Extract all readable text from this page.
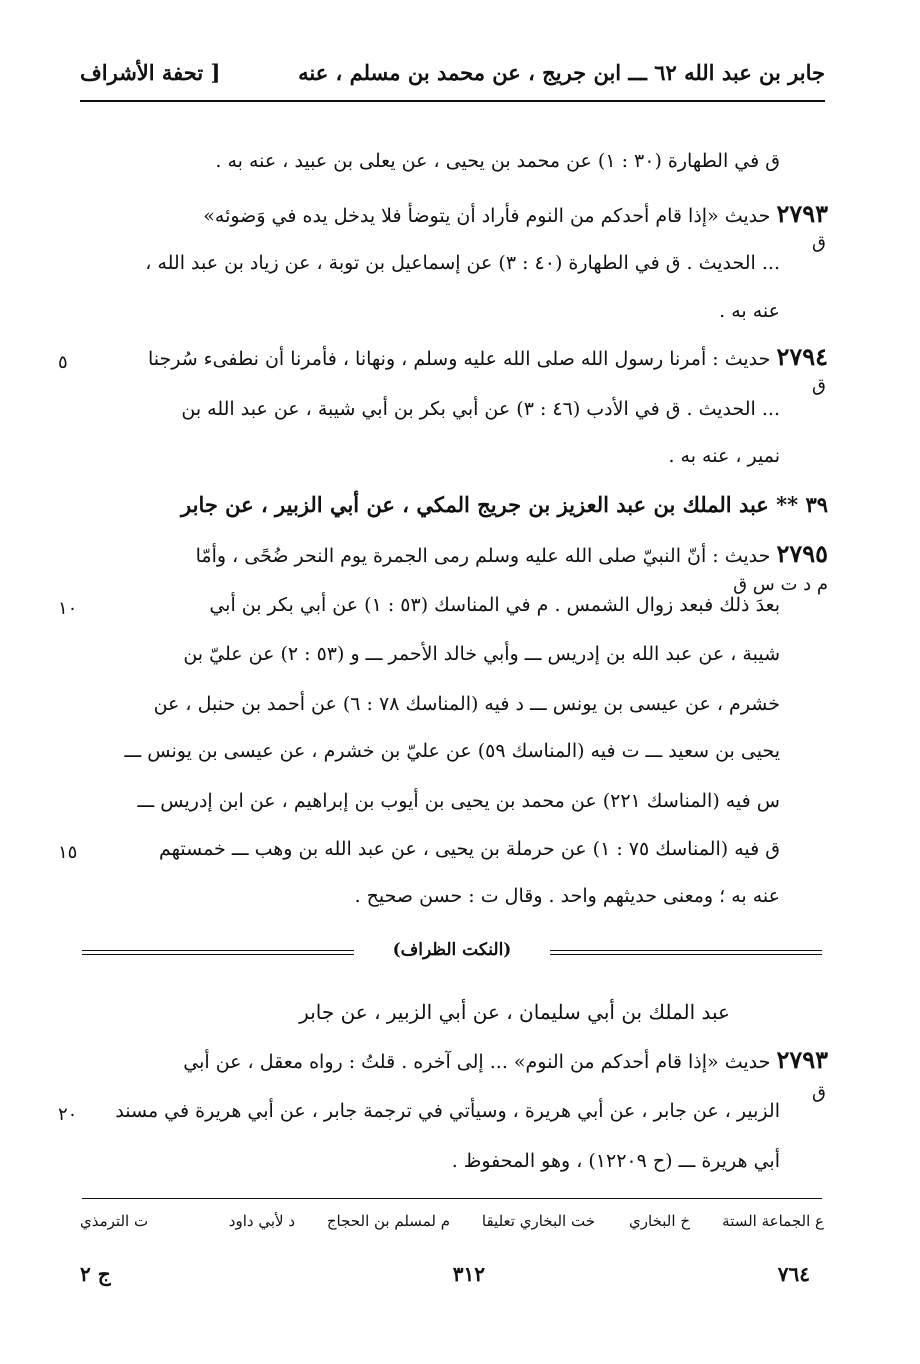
جابر بن عبد الله ٦٢ ـــ ابن جريج ، عن محمد بن مسلم ، عنه
[ تحفة الأشراف
ق في الطهارة (٣٠ : ١) عن محمد بن يحيى ، عن يعلى بن عبيد ، عنه به .
٢٧٩٣ حديث «إذا قام أحدكم من النوم فأراد أن يتوضأ فلا يدخل يده في وَضوئه»
ق
... الحديث . ق في الطهارة (٤٠ : ٣) عن إسماعيل بن توبة ، عن زياد بن عبد الله ،
عنه به .
٢٧٩٤ حديث : أمرنا رسول الله صلى الله عليه وسلم ، ونهانا ، فأمرنا أن نطفىء سُرجنا
٥
ق
... الحديث . ق في الأدب (٤٦ : ٣) عن أبي بكر بن أبي شيبة ، عن عبد الله بن
نمير ، عنه به .
٣٩ ** عبد الملك بن عبد العزيز بن جريج المكي ، عن أبي الزبير ، عن جابر
٢٧٩٥ حديث : أنّ النبيّ صلى الله عليه وسلم رمى الجمرة يوم النحر ضُحًى ، وأمّا
م د ت س ق
بعدَ ذلك فبعد زوال الشمس . م في المناسك (٥٣ : ١) عن أبي بكر بن أبي
١٠
شيبة ، عن عبد الله بن إدريس ـــ وأبي خالد الأحمر ـــ و (٥٣ : ٢) عن عليّ بن
خشرم ، عن عيسى بن يونس ـــ د فيه (المناسك ٧٨ : ٦) عن أحمد بن حنبل ، عن
يحيى بن سعيد ـــ ت فيه (المناسك ٥٩) عن عليّ بن خشرم ، عن عيسى بن يونس ـــ
س فيه (المناسك ٢٢١) عن محمد بن يحيى بن أيوب بن إبراهيم ، عن ابن إدريس ـــ
ق فيه (المناسك ٧٥ : ١) عن حرملة بن يحيى ، عن عبد الله بن وهب ـــ خمستهم
١٥
عنه به ؛ ومعنى حديثهم واحد . وقال ت : حسن صحيح .
(النكت الظراف)
عبد الملك بن أبي سليمان ، عن أبي الزبير ، عن جابر
٢٧٩٣ حديث «إذا قام أحدكم من النوم» ... إلى آخره . قلتُ : رواه معقل ، عن أبي
ق
الزبير ، عن جابر ، عن أبي هريرة ، وسيأتي في ترجمة جابر ، عن أبي هريرة في مسند
٢٠
أبي هريرة ـــ (ح ١٢٢٠٩) ، وهو المحفوظ .
ع الجماعة الستة
خ البخاري
خت البخاري تعليقا
م لمسلم بن الحجاج
د لأبي داود
ت الترمذي
٧٦٤
٣١٢
ج ٢
